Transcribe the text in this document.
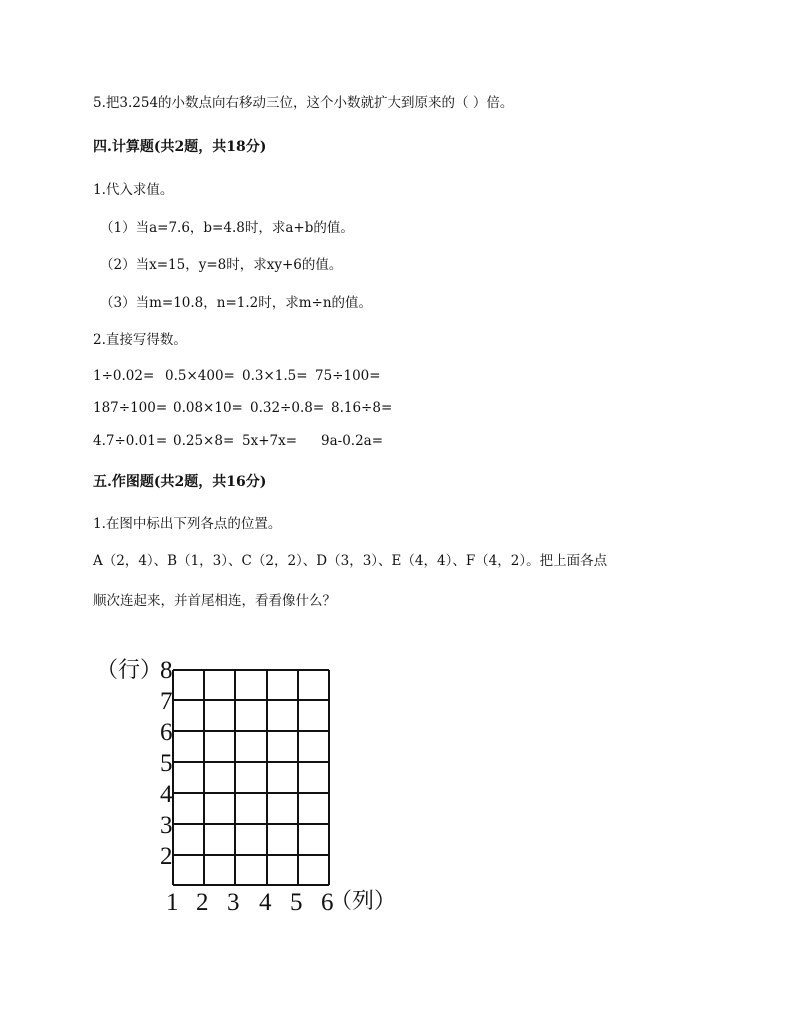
5.把3.254的小数点向右移动三位，这个小数就扩大到原来的（ ）倍。
四.计算题(共2题，共18分)
1.代入求值。
（1）当a=7.6，b=4.8时，求a+b的值。
（2）当x=15，y=8时，求xy+6的值。
（3）当m=10.8，n=1.2时，求m÷n的值。
2.直接写得数。
1÷0.02= 0.5×400= 0.3×1.5= 75÷100=
187÷100= 0.08×10= 0.32÷0.8= 8.16÷8=
4.7÷0.01= 0.25×8= 5x+7x= 9a-0.2a=
五.作图题(共2题，共16分)
1.在图中标出下列各点的位置。
A（2，4）、B（1，3）、C（2，2）、D（3，3）、E（4，4）、F（4，2）。把上面各点
顺次连起来，并首尾相连，看看像什么？
（行）
8
7
6
5
4
3
2
1 2 3 4 5 6
（列）
